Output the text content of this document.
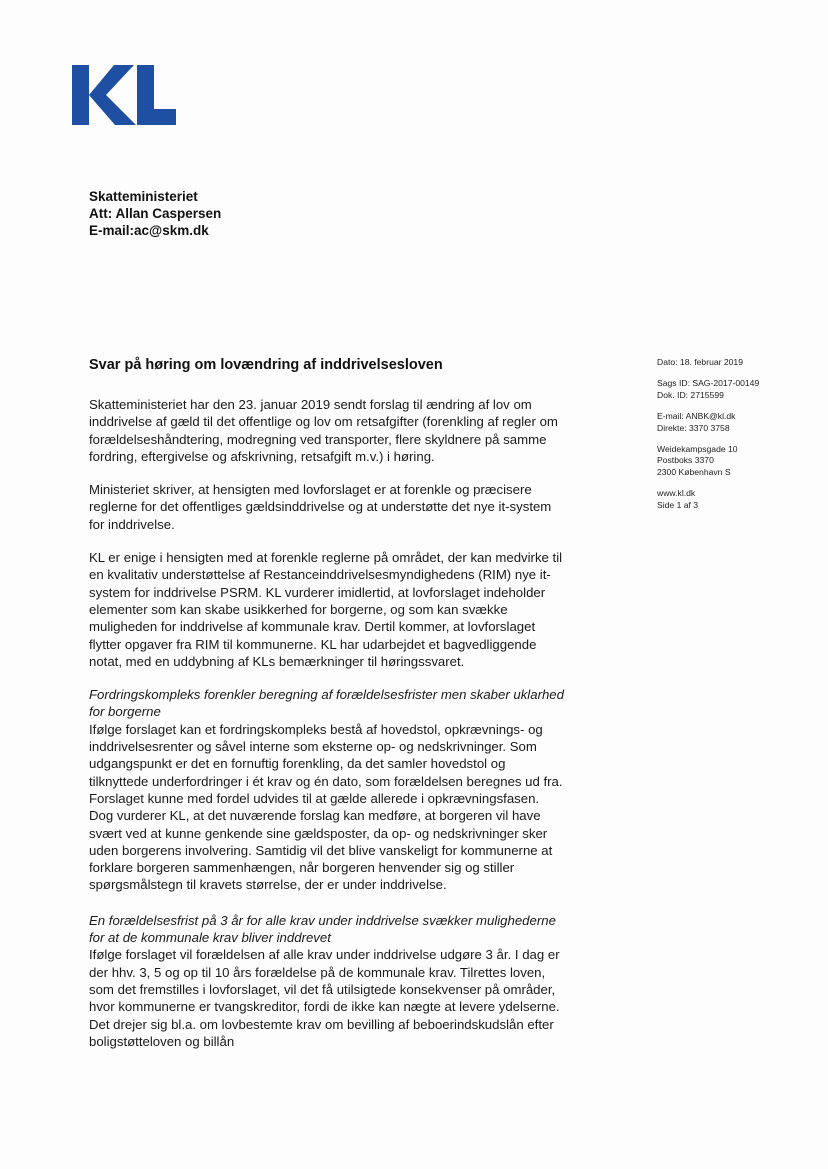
Skatteministeriet
Att: Allan Caspersen
E-mail:ac@skm.dk
Svar på høring om lovændring af inddrivelsesloven	Dato: 18. februar 2019
Sags ID: SAG-2017-00149
Dok. ID: 2715599
E-mail: ANBK@kl.dk
Direkte: 3370 3758
Weidekampsgade 10
Postboks 3370
2300 København S
www.kl.dk
Side 1 af 3

Skatteministeriet har den 23. januar 2019 sendt forslag til ændring af lov om inddrivelse af gæld til det offentlige og lov om retsafgifter (forenkling af regler om forældelseshåndtering, modregning ved transporter, flere skyldnere på samme fordring, eftergivelse og afskrivning, retsafgift m.v.) i høring.

Ministeriet skriver, at hensigten med lovforslaget er at forenkle og præcisere reglerne for det offentliges gældsinddrivelse og at understøtte det nye it-system for inddrivelse.

KL er enige i hensigten med at forenkle reglerne på området, der kan medvirke til en kvalitativ understøttelse af Restanceinddrivelsesmyndighedens (RIM) nye it-system for inddrivelse PSRM. KL vurderer imidlertid, at lovforslaget indeholder elementer som kan skabe usikkerhed for borgerne, og som kan svække muligheden for inddrivelse af kommunale krav. Dertil kommer, at lovforslaget flytter opgaver fra RIM til kommunerne. KL har udarbejdet et bagvedliggende notat, med en uddybning af KLs bemærkninger til høringssvaret.

Fordringskompleks forenkler beregning af forældelsesfrister men skaber uklarhed for borgerne
Ifølge forslaget kan et fordringskompleks bestå af hovedstol, opkrævnings- og inddrivelsesrenter og såvel interne som eksterne op- og nedskrivninger. Som udgangspunkt er det en fornuftig forenkling, da det samler hovedstol og tilknyttede underfordringer i ét krav og én dato, som forældelsen beregnes ud fra. Forslaget kunne med fordel udvides til at gælde allerede i opkrævningsfasen. Dog vurderer KL, at det nuværende forslag kan medføre, at borgeren vil have svært ved at kunne genkende sine gældsposter, da op- og nedskrivninger sker uden borgerens involvering. Samtidig vil det blive vanskeligt for kommunerne at forklare borgeren sammenhængen, når borgeren henvender sig og stiller spørgsmålstegn til kravets størrelse, der er under inddrivelse.

En forældelsesfrist på 3 år for alle krav under inddrivelse svækker mulighederne for at de kommunale krav bliver inddrevet
Ifølge forslaget vil forældelsen af alle krav under inddrivelse udgøre 3 år. I dag er der hhv. 3, 5 og op til 10 års forældelse på de kommunale krav. Tilrettes loven, som det fremstilles i lovforslaget, vil det få utilsigtede konsekvenser på områder, hvor kommunerne er tvangskreditor, fordi de ikke kan nægte at levere ydelserne. Det drejer sig bl.a. om lovbestemte krav om bevilling af beboerindskudslån efter boligstøtteloven og billån
